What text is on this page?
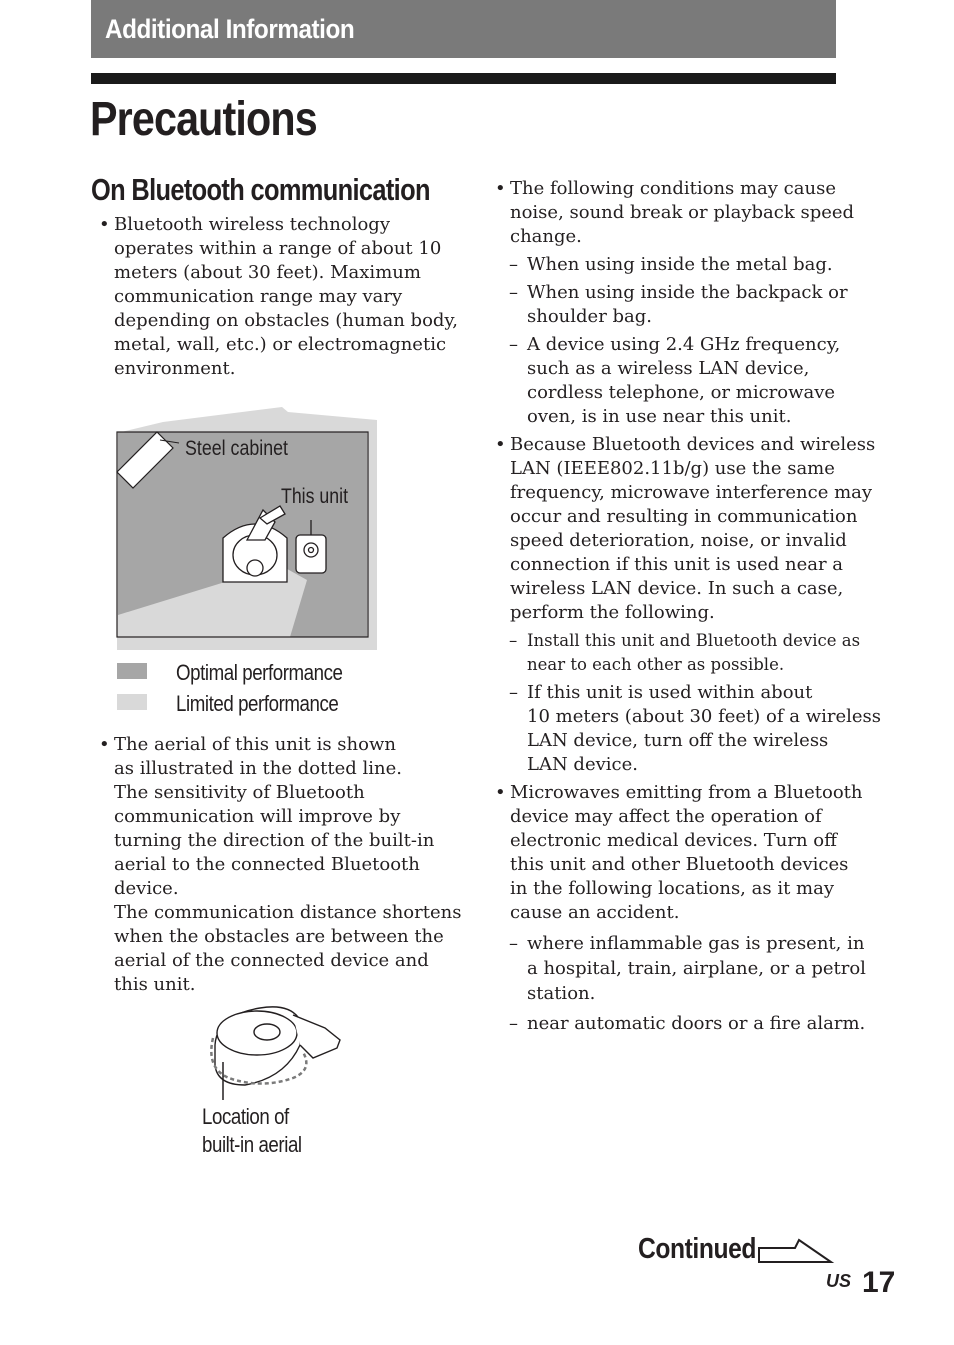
Additional Information
Precautions
On Bluetooth communication
• Bluetooth wireless technology
operates within a range of about 10
meters (about 30 feet). Maximum
communication range may vary
depending on obstacles (human body,
metal, wall, etc.) or electromagnetic
environment.
Steel cabinet
This unit
Optimal performance
Limited performance
• The aerial of this unit is shown
as illustrated in the dotted line.
The sensitivity of Bluetooth
communication will improve by
turning the direction of the built-in
aerial to the connected Bluetooth
device.
The communication distance shortens
when the obstacles are between the
aerial of the connected device and
this unit.
Location of
built-in aerial
• The following conditions may cause
noise, sound break or playback speed
change.
– When using inside the metal bag.
– When using inside the backpack or
shoulder bag.
– A device using 2.4 GHz frequency,
such as a wireless LAN device,
cordless telephone, or microwave
oven, is in use near this unit.
• Because Bluetooth devices and wireless
LAN (IEEE802.11b/g) use the same
frequency, microwave interference may
occur and resulting in communication
speed deterioration, noise, or invalid
connection if this unit is used near a
wireless LAN device. In such a case,
perform the following.
– Install this unit and Bluetooth device as
near to each other as possible.
– If this unit is used within about
10 meters (about 30 feet) of a wireless
LAN device, turn off the wireless
LAN device.
• Microwaves emitting from a Bluetooth
device may affect the operation of
electronic medical devices. Turn off
this unit and other Bluetooth devices
in the following locations, as it may
cause an accident.
– where inflammable gas is present, in
a hospital, train, airplane, or a petrol
station.
– near automatic doors or a fire alarm.
Continued
US 17
